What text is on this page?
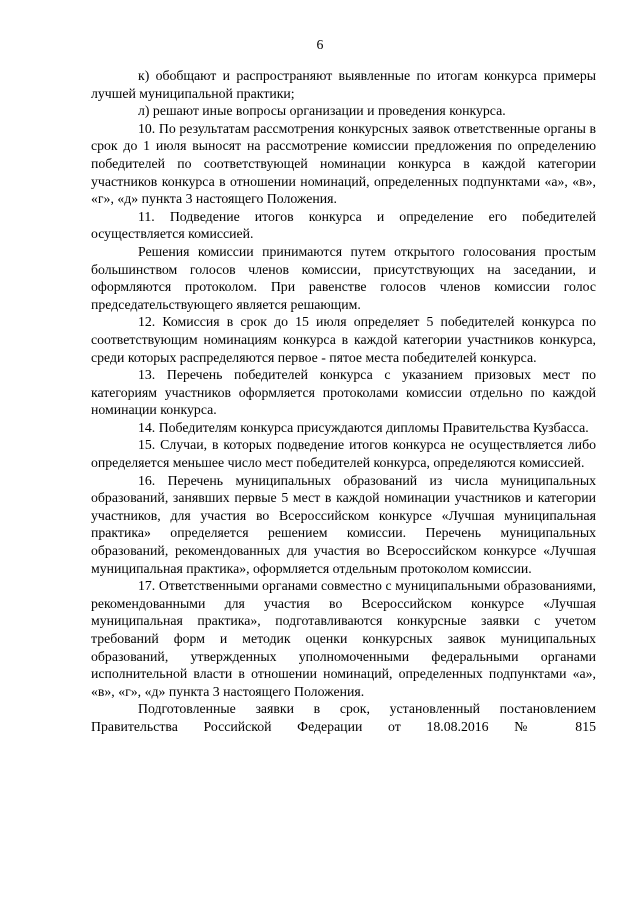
6

к) обобщают и распространяют выявленные по итогам конкурса примеры лучшей муниципальной практики;

л) решают иные вопросы организации и проведения конкурса.

10. По результатам рассмотрения конкурсных заявок ответственные органы в срок до 1 июля выносят на рассмотрение комиссии предложения по определению победителей по соответствующей номинации конкурса в каждой категории участников конкурса в отношении номинаций, определенных подпунктами «а», «в», «г», «д» пункта 3 настоящего Положения.

11. Подведение итогов конкурса и определение его победителей осуществляется комиссией.

Решения комиссии принимаются путем открытого голосования простым большинством голосов членов комиссии, присутствующих на заседании, и оформляются протоколом. При равенстве голосов членов комиссии голос председательствующего является решающим.

12. Комиссия в срок до 15 июля определяет 5 победителей конкурса по соответствующим номинациям конкурса в каждой категории участников конкурса, среди которых распределяются первое - пятое места победителей конкурса.

13. Перечень победителей конкурса с указанием призовых мест по категориям участников оформляется протоколами комиссии отдельно по каждой номинации конкурса.

14. Победителям конкурса присуждаются дипломы Правительства Кузбасса.

15. Случаи, в которых подведение итогов конкурса не осуществляется либо определяется меньшее число мест победителей конкурса, определяются комиссией.

16. Перечень муниципальных образований из числа муниципальных образований, занявших первые 5 мест в каждой номинации участников и категории участников, для участия во Всероссийском конкурсе «Лучшая муниципальная практика» определяется решением комиссии. Перечень муниципальных образований, рекомендованных для участия во Всероссийском конкурсе «Лучшая муниципальная практика», оформляется отдельным протоколом комиссии.

17. Ответственными органами совместно с муниципальными образованиями, рекомендованными для участия во Всероссийском конкурсе «Лучшая муниципальная практика», подготавливаются конкурсные заявки с учетом требований форм и методик оценки конкурсных заявок муниципальных образований, утвержденных уполномоченными федеральными органами исполнительной власти в отношении номинаций, определенных подпунктами «а», «в», «г», «д» пункта 3 настоящего Положения.

Подготовленные заявки в срок, установленный постановлением Правительства Российской Федерации от 18.08.2016 № 815
